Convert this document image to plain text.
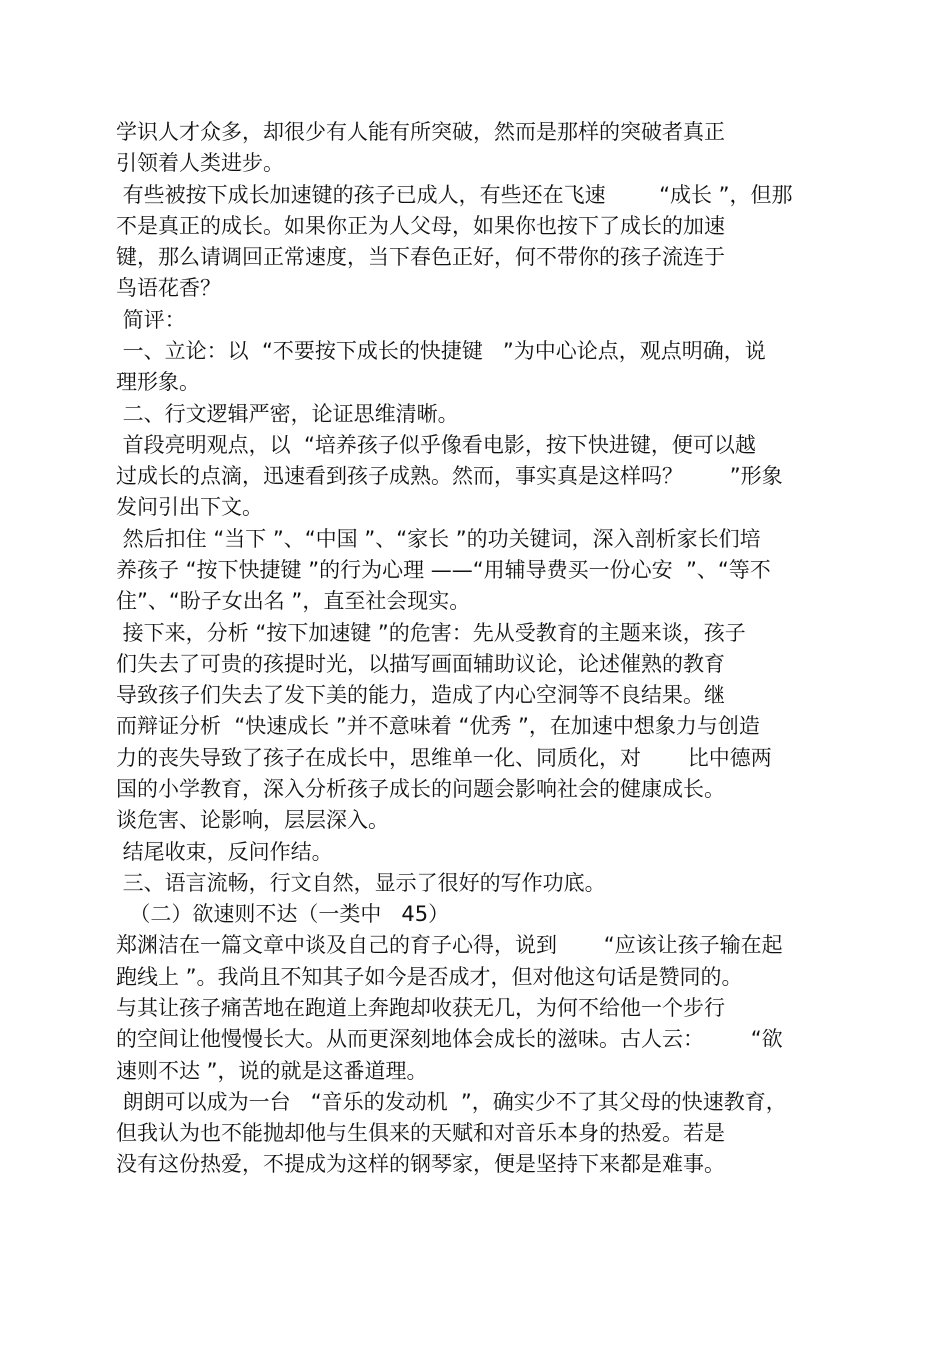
学识人才众多，却很少有人能有所突破，然而是那样的突破者真正
引领着人类进步。
有些被按下成长加速键的孩子已成人，有些还在飞速        “成长 ”，但那
不是真正的成长。如果你正为人父母，如果你也按下了成长的加速
键，那么请调回正常速度，当下春色正好，何不带你的孩子流连于
鸟语花香？
简评：
一、立论：以  “不要按下成长的快捷键   ”为中心论点，观点明确，说
理形象。
二、行文逻辑严密，论证思维清晰。
首段亮明观点，以  “培养孩子似乎像看电影，按下快进键，便可以越
过成长的点滴，迅速看到孩子成熟。然而，事实真是这样吗？       ”形象
发问引出下文。
然后扣住 “当下 ”、“中国 ”、“家长 ”的功关键词，深入剖析家长们培
养孩子 “按下快捷键 ”的行为心理 ——“用辅导费买一份心安  ”、“等不
住”、“盼子女出名 ”，直至社会现实。
接下来，分析 “按下加速键 ”的危害：先从受教育的主题来谈，孩子
们失去了可贵的孩提时光，以描写画面辅助议论，论述催熟的教育
导致孩子们失去了发下美的能力，造成了内心空洞等不良结果。继
而辩证分析  “快速成长 ”并不意味着 “优秀 ”，在加速中想象力与创造
力的丧失导致了孩子在成长中，思维单一化、同质化，对       比中德两
国的小学教育，深入分析孩子成长的问题会影响社会的健康成长。
谈危害、论影响，层层深入。
结尾收束，反问作结。
三、语言流畅，行文自然，显示了很好的写作功底。
（二）欲速则不达（一类中   45）
郑渊洁在一篇文章中谈及自己的育子心得，说到       “应该让孩子输在起
跑线上 ”。我尚且不知其子如今是否成才，但对他这句话是赞同的。
与其让孩子痛苦地在跑道上奔跑却收获无几，为何不给他一个步行
的空间让他慢慢长大。从而更深刻地体会成长的滋味。古人云：       “欲
速则不达 ”，说的就是这番道理。
朗朗可以成为一台   “音乐的发动机  ”，确实少不了其父母的快速教育，
但我认为也不能抛却他与生俱来的天赋和对音乐本身的热爱。若是
没有这份热爱，不提成为这样的钢琴家，便是坚持下来都是难事。
